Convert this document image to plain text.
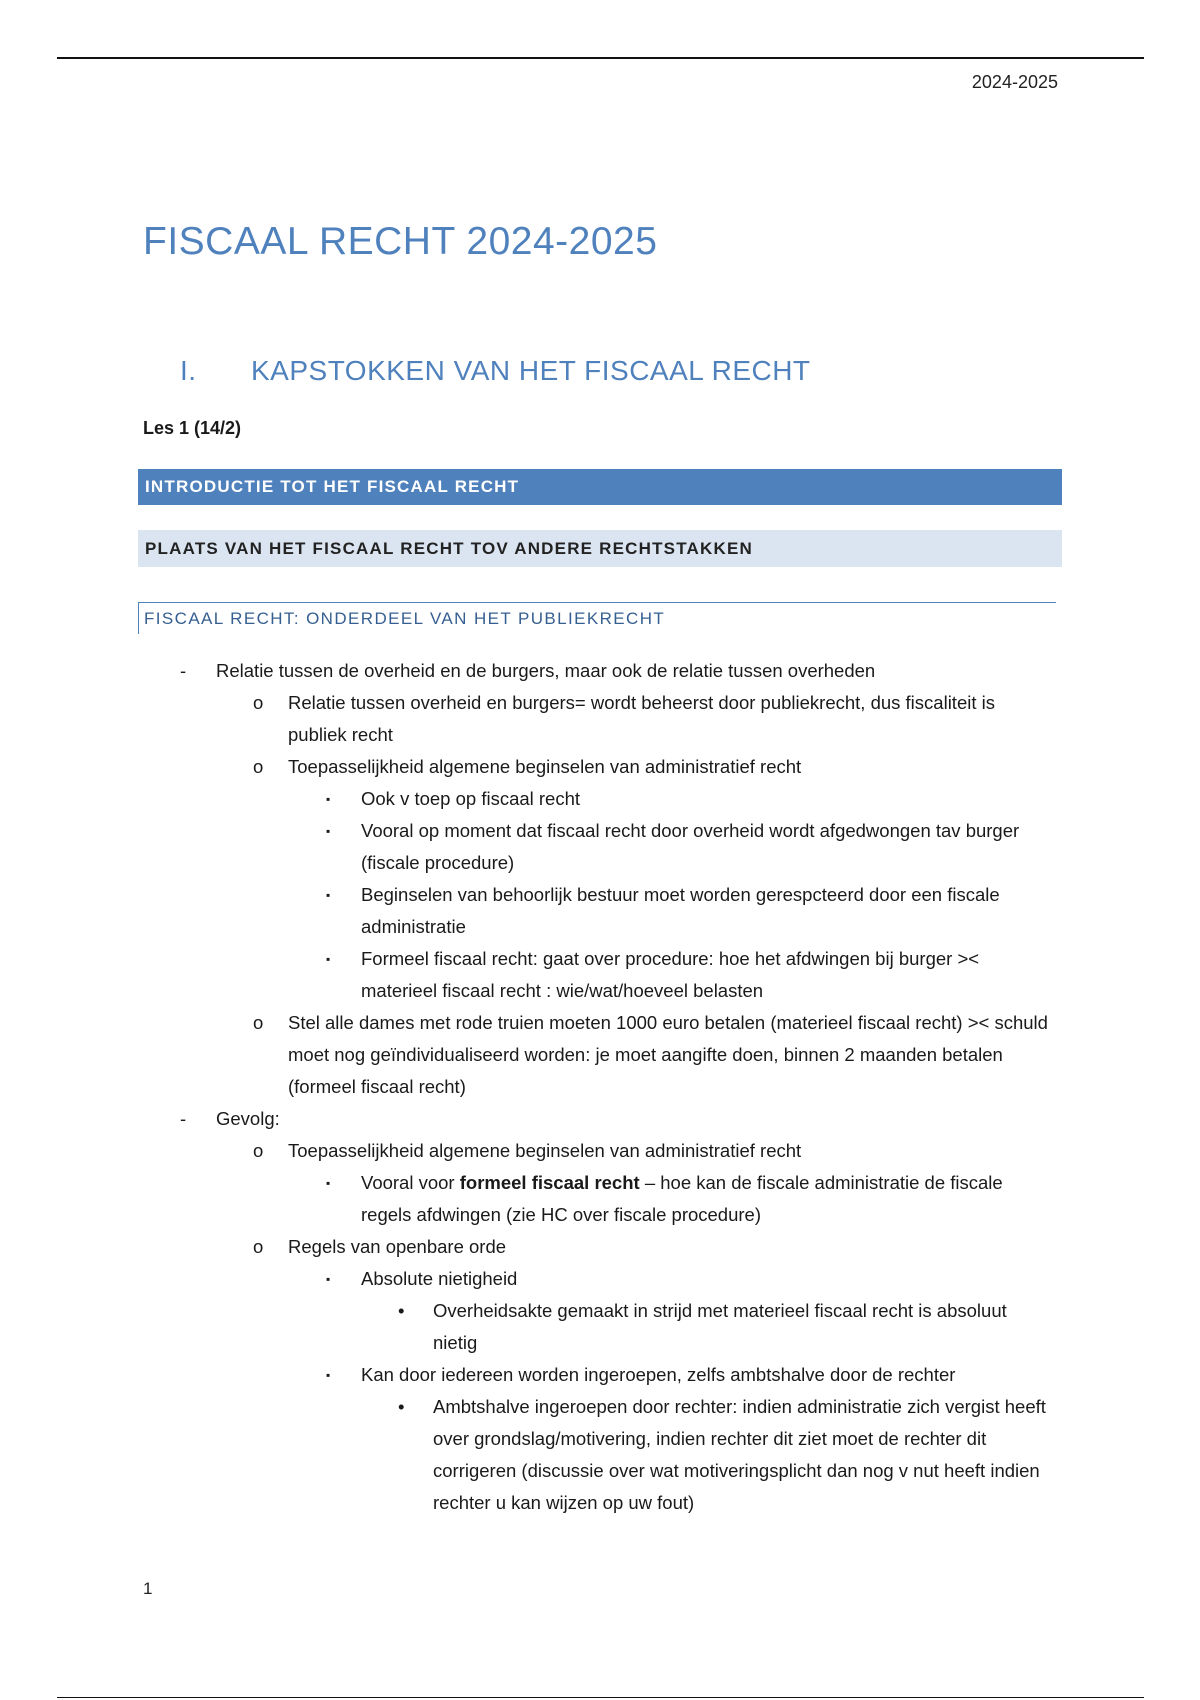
2024-2025
FISCAAL RECHT 2024-2025
I. KAPSTOKKEN VAN HET FISCAAL RECHT
Les 1 (14/2)
INTRODUCTIE TOT HET FISCAAL RECHT
PLAATS VAN HET FISCAAL RECHT TOV ANDERE RECHTSTAKKEN
FISCAAL RECHT: ONDERDEEL VAN HET PUBLIEKRECHT
- Relatie tussen de overheid en de burgers, maar ook de relatie tussen overheden
o Relatie tussen overheid en burgers= wordt beheerst door publiekrecht, dus fiscaliteit is publiek recht
o Toepasselijkheid algemene beginselen van administratief recht
▪ Ook v toep op fiscaal recht
▪ Vooral op moment dat fiscaal recht door overheid wordt afgedwongen tav burger (fiscale procedure)
▪ Beginselen van behoorlijk bestuur moet worden gerespcteerd door een fiscale administratie
▪ Formeel fiscaal recht: gaat over procedure: hoe het afdwingen bij burger >< materieel fiscaal recht : wie/wat/hoeveel belasten
o Stel alle dames met rode truien moeten 1000 euro betalen (materieel fiscaal recht) >< schuld moet nog geïndividualiseerd worden: je moet aangifte doen, binnen 2 maanden betalen (formeel fiscaal recht)
- Gevolg:
o Toepasselijkheid algemene beginselen van administratief recht
▪ Vooral voor formeel fiscaal recht – hoe kan de fiscale administratie de fiscale regels afdwingen (zie HC over fiscale procedure)
o Regels van openbare orde
▪ Absolute nietigheid
• Overheidsakte gemaakt in strijd met materieel fiscaal recht is absoluut nietig
▪ Kan door iedereen worden ingeroepen, zelfs ambtshalve door de rechter
• Ambtshalve ingeroepen door rechter: indien administratie zich vergist heeft over grondslag/motivering, indien rechter dit ziet moet de rechter dit corrigeren (discussie over wat motiveringsplicht dan nog v nut heeft indien rechter u kan wijzen op uw fout)
1
